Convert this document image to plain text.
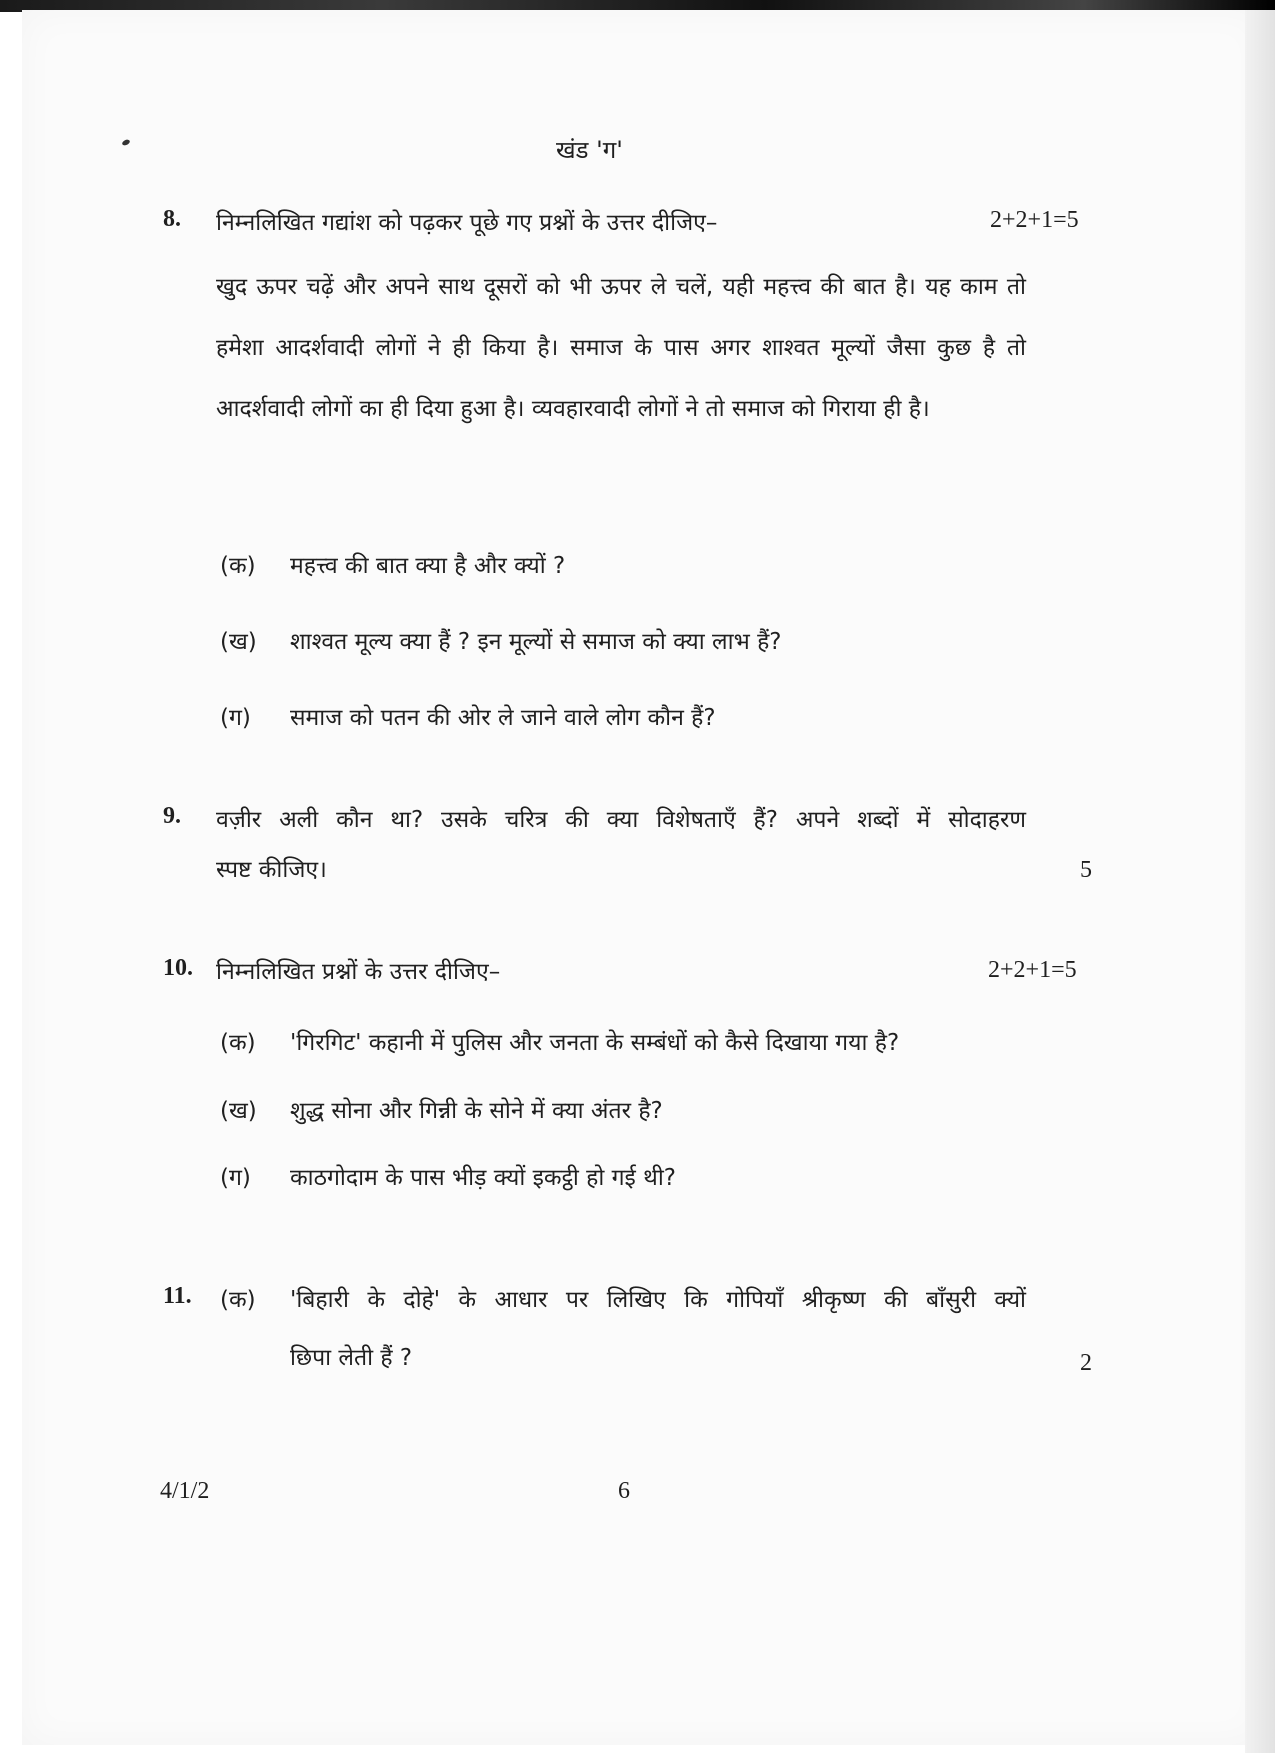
खंड 'ग'
8. निम्नलिखित गद्यांश को पढ़कर पूछे गए प्रश्नों के उत्तर दीजिए–	2+2+1=5
खुद ऊपर चढ़ें और अपने साथ दूसरों को भी ऊपर ले चलें, यही महत्त्व की बात है। यह काम तो हमेशा आदर्शवादी लोगों ने ही किया है। समाज के पास अगर शाश्वत मूल्यों जैसा कुछ है तो आदर्शवादी लोगों का ही दिया हुआ है। व्यवहारवादी लोगों ने तो समाज को गिराया ही है।
(क) महत्त्व की बात क्या है और क्यों ?
(ख) शाश्वत मूल्य क्या हैं ? इन मूल्यों से समाज को क्या लाभ हैं?
(ग) समाज को पतन की ओर ले जाने वाले लोग कौन हैं?
9. वज़ीर अली कौन था? उसके चरित्र की क्या विशेषताएँ हैं? अपने शब्दों में सोदाहरण
स्पष्ट कीजिए।	5
10. निम्नलिखित प्रश्नों के उत्तर दीजिए–	2+2+1=5
(क) 'गिरगिट' कहानी में पुलिस और जनता के सम्बंधों को कैसे दिखाया गया है?
(ख) शुद्ध सोना और गिन्नी के सोने में क्या अंतर है?
(ग) काठगोदाम के पास भीड़ क्यों इकट्ठी हो गई थी?
11. (क) 'बिहारी के दोहे' के आधार पर लिखिए कि गोपियाँ श्रीकृष्ण की बाँसुरी क्यों
छिपा लेती हैं ?	2
4/1/2	6
